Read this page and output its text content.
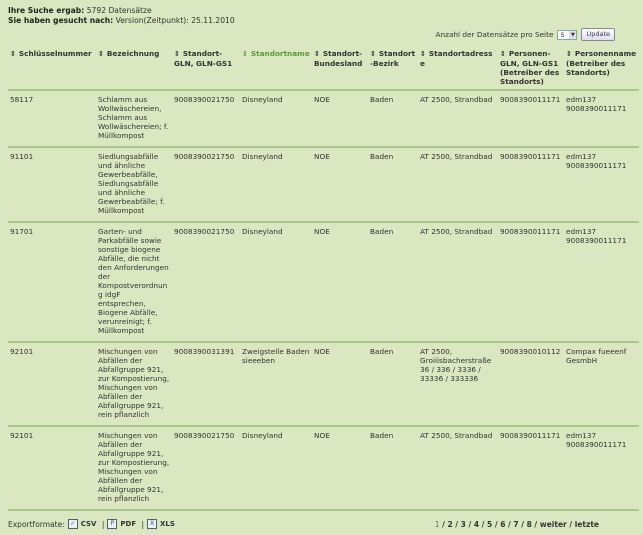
Ihre Suche ergab: 5792 Datensätze
Sie haben gesucht nach: Version(Zeitpunkt): 25.11.2010
Anzahl der Datensätze pro Seite 5	▼	Update
⇕ Schlüsselnummer	⇕ Bezeichnung	⇕ Standort-GLN, GLN-GS1	⇕ Standortname	⇕ Standort-Bundesland	⇕ Standort-Bezirk	⇕ Standortadresse	⇕ Personen-GLN, GLN-GS1 (Betreiber des Standorts)	⇕ Personenname (Betreiber des Standorts)
58117	Schlamm aus Wollwäschereien, Schlamm aus Wollwäschereien; f. Müllkompost	9008390021750	Disneyland	NOE	Baden	AT 2500, Strandbad	9008390011171	edm137 9008390011171
91101	Siedlungsabfälle und ähnliche Gewerbeabfälle, Siedlungsabfälle und ähnliche Gewerbeabfälle; f. Müllkompost	9008390021750	Disneyland	NOE	Baden	AT 2500, Strandbad	9008390011171	edm137 9008390011171
91701	Garten- und Parkabfälle sowie sonstige biogene Abfälle, die nicht den Anforderungen der Kompostverordnung idgF entsprechen, Biogene Abfälle, verunreinigt; f. Müllkompost	9008390021750	Disneyland	NOE	Baden	AT 2500, Strandbad	9008390011171	edm137 9008390011171
92101	Mischungen von Abfällen der Abfallgruppe 921, zur Kompostierung, Mischungen von Abfällen der Abfallgruppe 921, rein pflanzlich	9008390031391	Zweigstelle Baden sieeeben	NOE	Baden	AT 2500, Groiiisbacherstraße 36 / 336 / 3336 / 33336 / 333336	9008390010112	Compax fueeenf GesmbH
92101	Mischungen von Abfällen der Abfallgruppe 921, zur Kompostierung, Mischungen von Abfällen der Abfallgruppe 921, rein pflanzlich	9008390021750	Disneyland	NOE	Baden	AT 2500, Strandbad	9008390011171	edm137 9008390011171
Exportformate: ✓ CSV |	P PDF | X XLS	1 / 2 / 3 / 4 / 5 / 6 / 7 / 8 / weiter / letzte
